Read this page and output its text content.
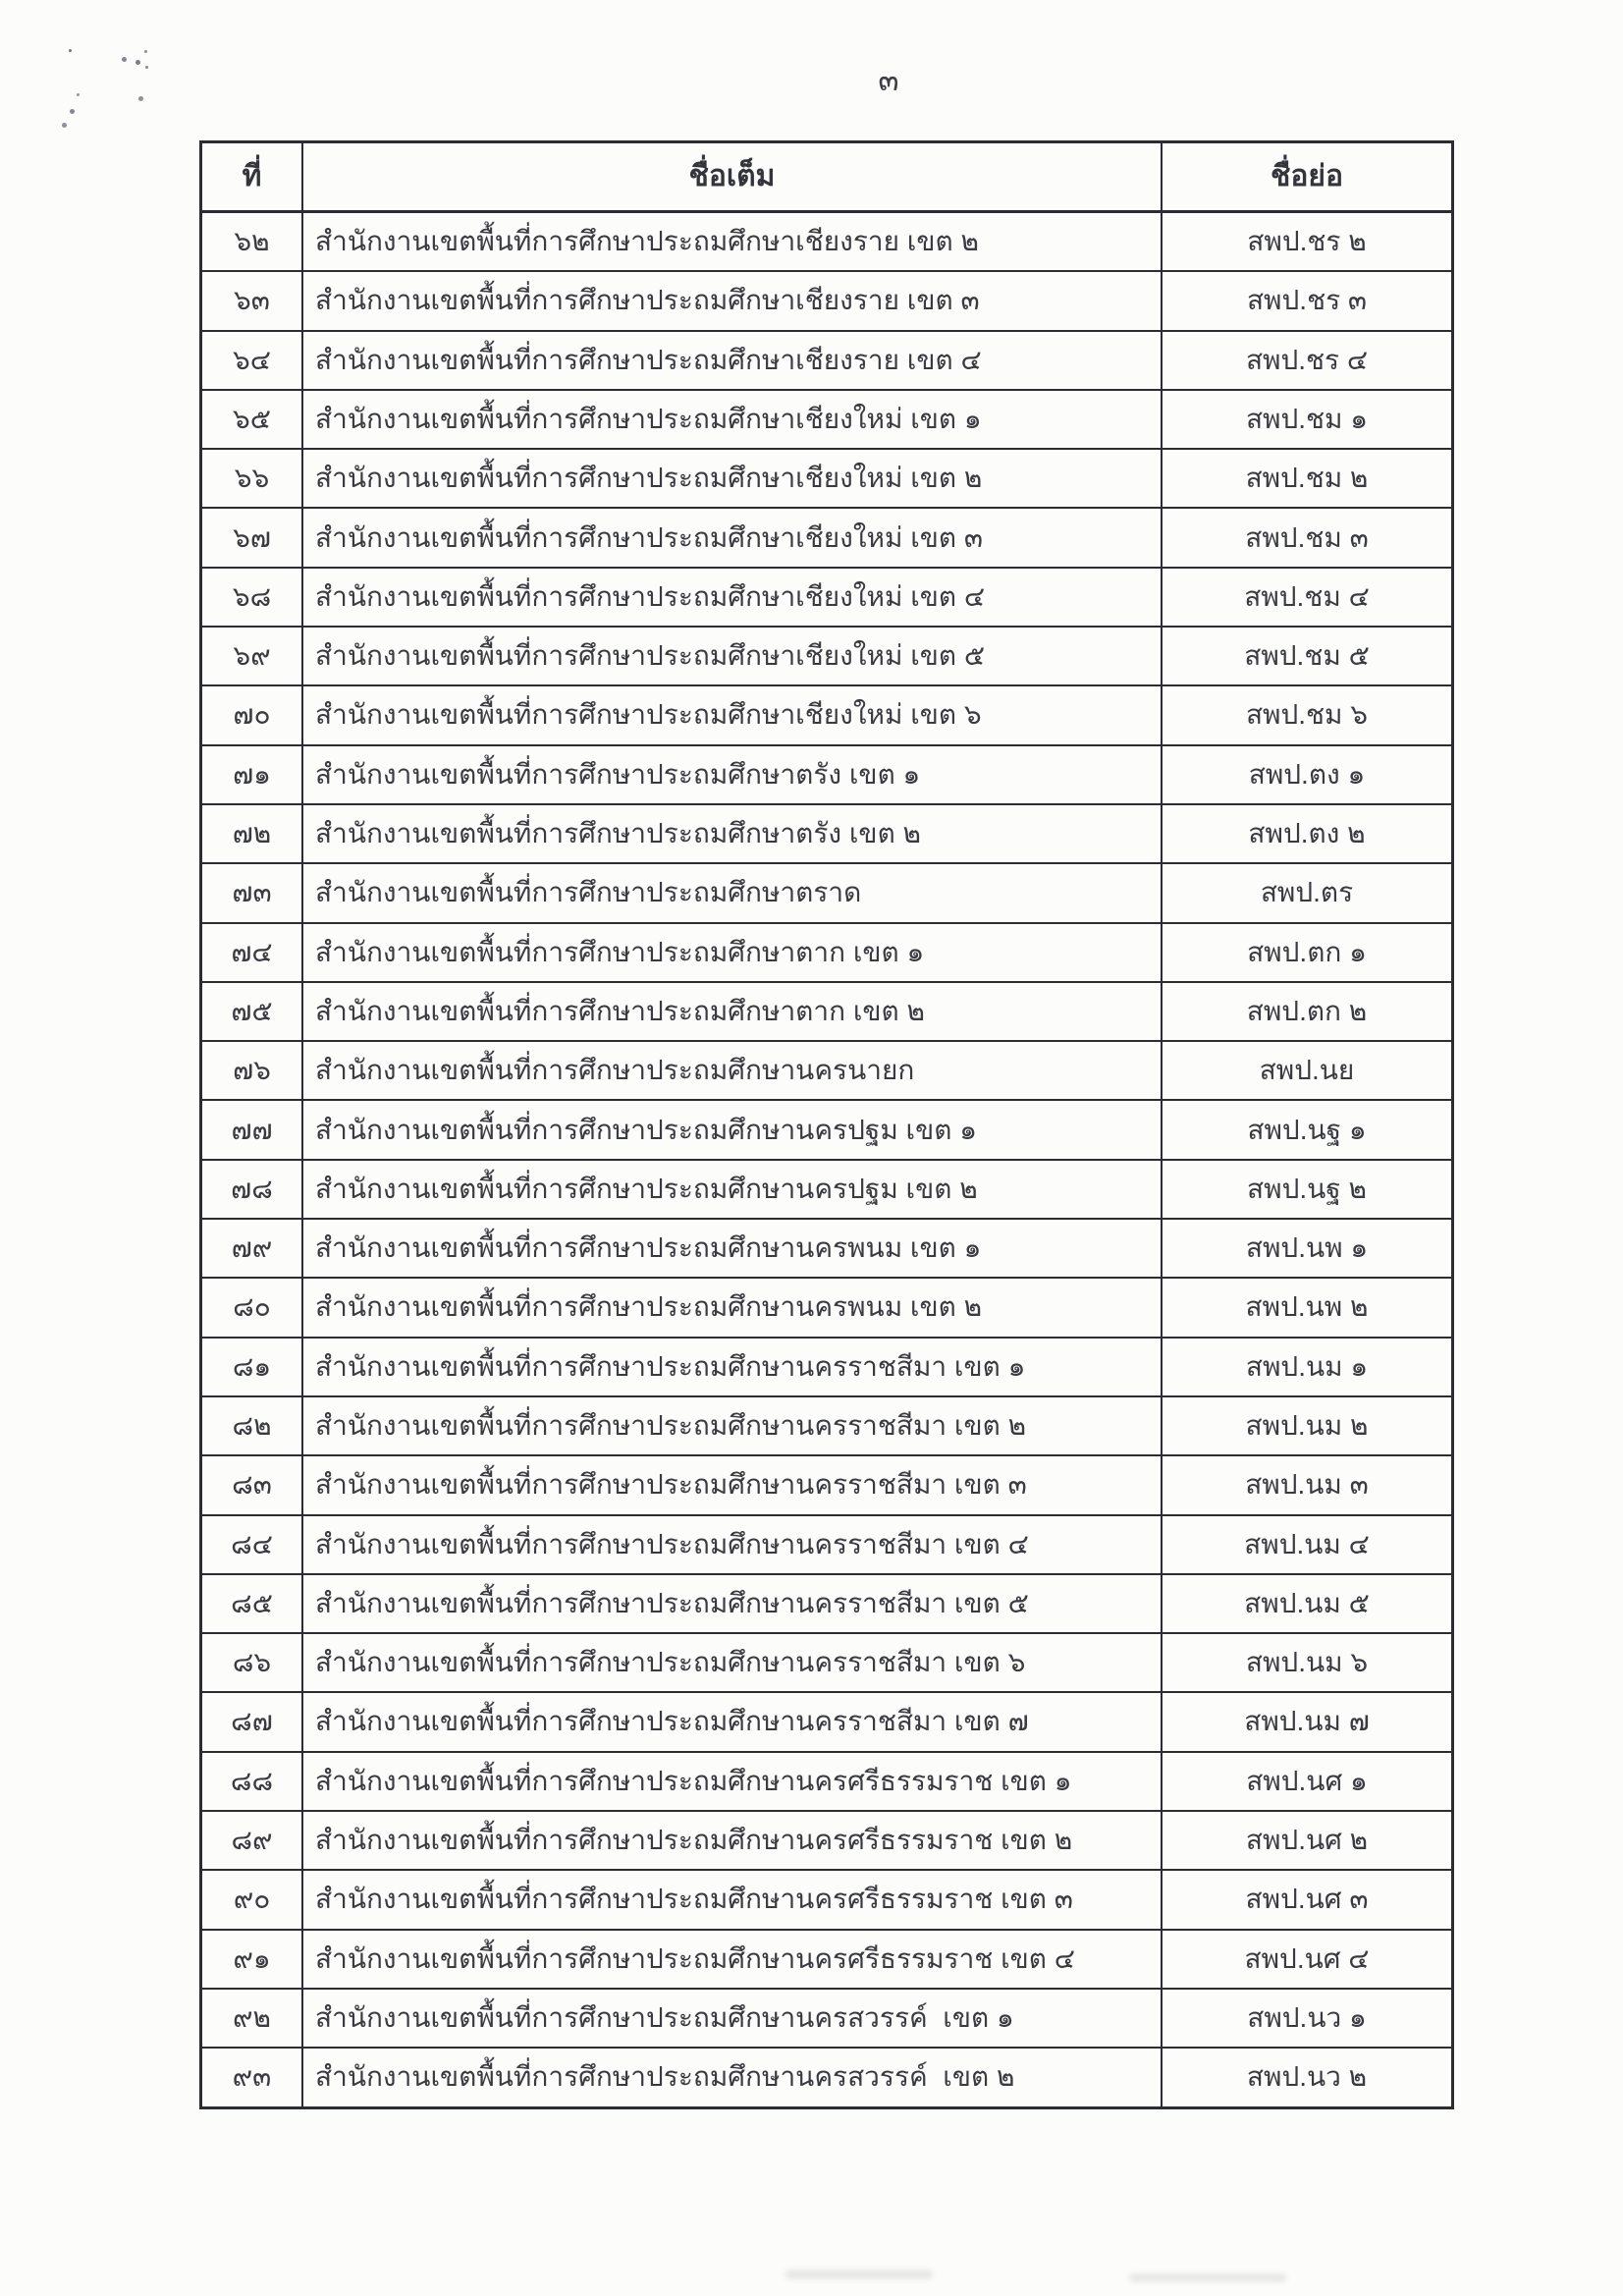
๓
ที่	ชื่อเต็ม	ชื่อย่อ
๖๒	สำนักงานเขตพื้นที่การศึกษาประถมศึกษาเชียงราย เขต ๒	สพป.ชร ๒
๖๓	สำนักงานเขตพื้นที่การศึกษาประถมศึกษาเชียงราย เขต ๓	สพป.ชร ๓
๖๔	สำนักงานเขตพื้นที่การศึกษาประถมศึกษาเชียงราย เขต ๔	สพป.ชร ๔
๖๕	สำนักงานเขตพื้นที่การศึกษาประถมศึกษาเชียงใหม่ เขต ๑	สพป.ชม ๑
๖๖	สำนักงานเขตพื้นที่การศึกษาประถมศึกษาเชียงใหม่ เขต ๒	สพป.ชม ๒
๖๗	สำนักงานเขตพื้นที่การศึกษาประถมศึกษาเชียงใหม่ เขต ๓	สพป.ชม ๓
๖๘	สำนักงานเขตพื้นที่การศึกษาประถมศึกษาเชียงใหม่ เขต ๔	สพป.ชม ๔
๖๙	สำนักงานเขตพื้นที่การศึกษาประถมศึกษาเชียงใหม่ เขต ๕	สพป.ชม ๕
๗๐	สำนักงานเขตพื้นที่การศึกษาประถมศึกษาเชียงใหม่ เขต ๖	สพป.ชม ๖
๗๑	สำนักงานเขตพื้นที่การศึกษาประถมศึกษาตรัง เขต ๑	สพป.ตง ๑
๗๒	สำนักงานเขตพื้นที่การศึกษาประถมศึกษาตรัง เขต ๒	สพป.ตง ๒
๗๓	สำนักงานเขตพื้นที่การศึกษาประถมศึกษาตราด	สพป.ตร
๗๔	สำนักงานเขตพื้นที่การศึกษาประถมศึกษาตาก เขต ๑	สพป.ตก ๑
๗๕	สำนักงานเขตพื้นที่การศึกษาประถมศึกษาตาก เขต ๒	สพป.ตก ๒
๗๖	สำนักงานเขตพื้นที่การศึกษาประถมศึกษานครนายก	สพป.นย
๗๗	สำนักงานเขตพื้นที่การศึกษาประถมศึกษานครปฐม เขต ๑	สพป.นฐ ๑
๗๘	สำนักงานเขตพื้นที่การศึกษาประถมศึกษานครปฐม เขต ๒	สพป.นฐ ๒
๗๙	สำนักงานเขตพื้นที่การศึกษาประถมศึกษานครพนม เขต ๑	สพป.นพ ๑
๘๐	สำนักงานเขตพื้นที่การศึกษาประถมศึกษานครพนม เขต ๒	สพป.นพ ๒
๘๑	สำนักงานเขตพื้นที่การศึกษาประถมศึกษานครราชสีมา เขต ๑	สพป.นม ๑
๘๒	สำนักงานเขตพื้นที่การศึกษาประถมศึกษานครราชสีมา เขต ๒	สพป.นม ๒
๘๓	สำนักงานเขตพื้นที่การศึกษาประถมศึกษานครราชสีมา เขต ๓	สพป.นม ๓
๘๔	สำนักงานเขตพื้นที่การศึกษาประถมศึกษานครราชสีมา เขต ๔	สพป.นม ๔
๘๕	สำนักงานเขตพื้นที่การศึกษาประถมศึกษานครราชสีมา เขต ๕	สพป.นม ๕
๘๖	สำนักงานเขตพื้นที่การศึกษาประถมศึกษานครราชสีมา เขต ๖	สพป.นม ๖
๘๗	สำนักงานเขตพื้นที่การศึกษาประถมศึกษานครราชสีมา เขต ๗	สพป.นม ๗
๘๘	สำนักงานเขตพื้นที่การศึกษาประถมศึกษานครศรีธรรมราช เขต ๑	สพป.นศ ๑
๘๙	สำนักงานเขตพื้นที่การศึกษาประถมศึกษานครศรีธรรมราช เขต ๒	สพป.นศ ๒
๙๐	สำนักงานเขตพื้นที่การศึกษาประถมศึกษานครศรีธรรมราช เขต ๓	สพป.นศ ๓
๙๑	สำนักงานเขตพื้นที่การศึกษาประถมศึกษานครศรีธรรมราช เขต ๔	สพป.นศ ๔
๙๒	สำนักงานเขตพื้นที่การศึกษาประถมศึกษานครสวรรค์  เขต ๑	สพป.นว ๑
๙๓	สำนักงานเขตพื้นที่การศึกษาประถมศึกษานครสวรรค์  เขต ๒	สพป.นว ๒
